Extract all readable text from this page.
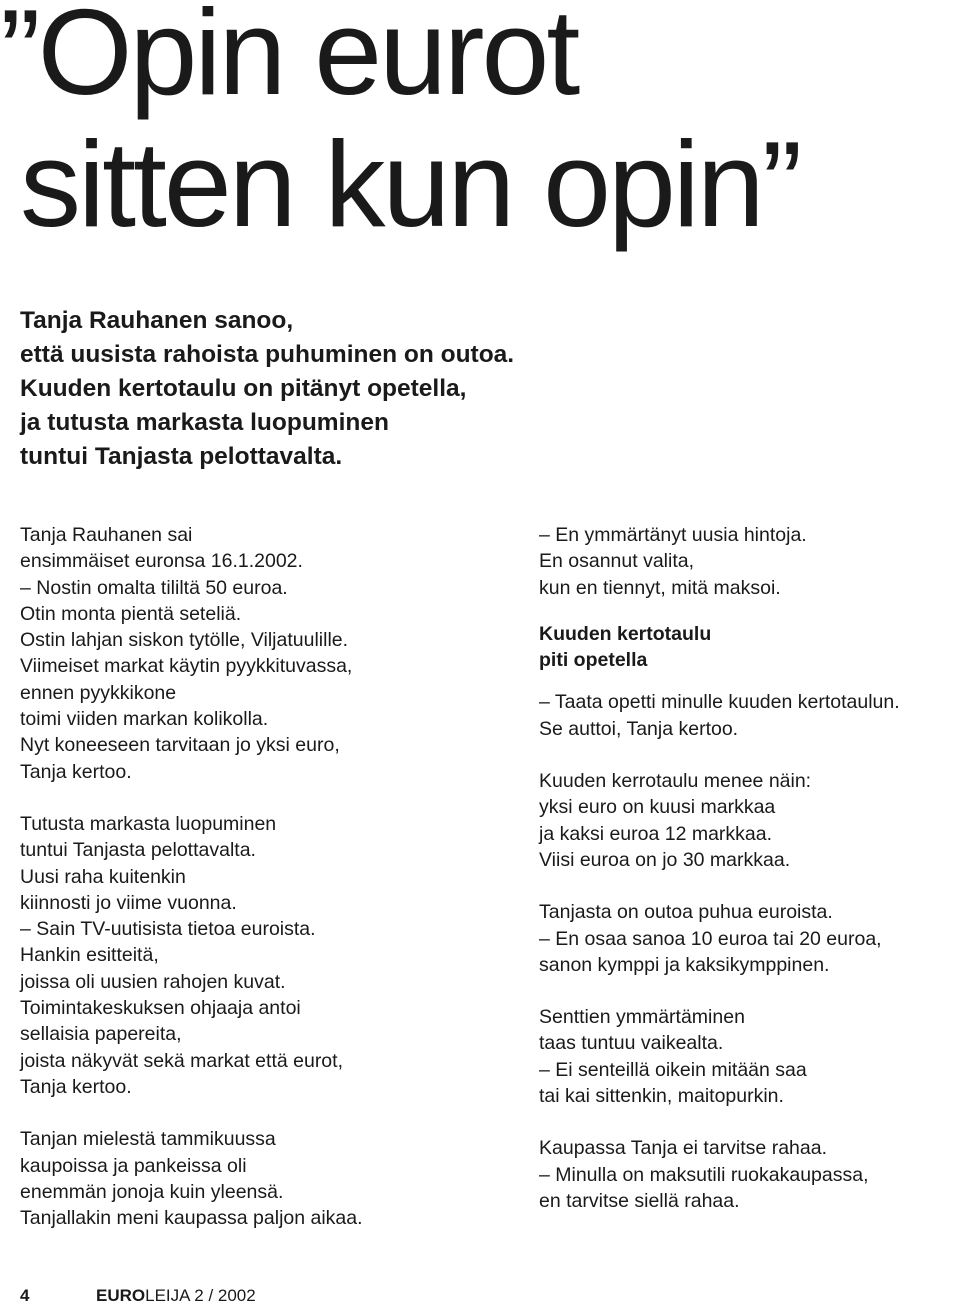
”Opin eurot
sitten kun opin”
Tanja Rauhanen sanoo,
että uusista rahoista puhuminen on outoa.
Kuuden kertotaulu on pitänyt opetella,
ja tutusta markasta luopuminen
tuntui Tanjasta pelottavalta.
Tanja Rauhanen sai
ensimmäiset euronsa 16.1.2002.
– Nostin omalta tililtä 50 euroa.
Otin monta pientä seteliä.
Ostin lahjan siskon tytölle, Viljatuulille.
Viimeiset markat käytin pyykkituvassa,
ennen pyykkikone
toimi viiden markan kolikolla.
Nyt koneeseen tarvitaan jo yksi euro,
Tanja kertoo.
Tutusta markasta luopuminen
tuntui Tanjasta pelottavalta.
Uusi raha kuitenkin
kiinnosti jo viime vuonna.
– Sain TV-uutisista tietoa euroista.
Hankin esitteitä,
joissa oli uusien rahojen kuvat.
Toimintakeskuksen ohjaaja antoi
sellaisia papereita,
joista näkyvät sekä markat että eurot,
Tanja kertoo.
Tanjan mielestä tammikuussa
kaupoissa ja pankeissa oli
enemmän jonoja kuin yleensä.
Tanjallakin meni kaupassa paljon aikaa.
– En ymmärtänyt uusia hintoja.
En osannut valita,
kun en tiennyt, mitä maksoi.
Kuuden kertotaulu
piti opetella
– Taata opetti minulle kuuden kertotaulun.
Se auttoi, Tanja kertoo.
Kuuden kerrotaulu menee näin:
yksi euro on kuusi markkaa
ja kaksi euroa 12 markkaa.
Viisi euroa on jo 30 markkaa.
Tanjasta on outoa puhua euroista.
– En osaa sanoa 10 euroa tai 20 euroa,
sanon kymppi ja kaksikymppinen.
Senttien ymmärtäminen
taas tuntuu vaikealta.
– Ei senteillä oikein mitään saa
tai kai sittenkin, maitopurkin.
Kaupassa Tanja ei tarvitse rahaa.
– Minulla on maksutili ruokakaupassa,
en tarvitse siellä rahaa.
4	EUROLEIJA 2 / 2002
